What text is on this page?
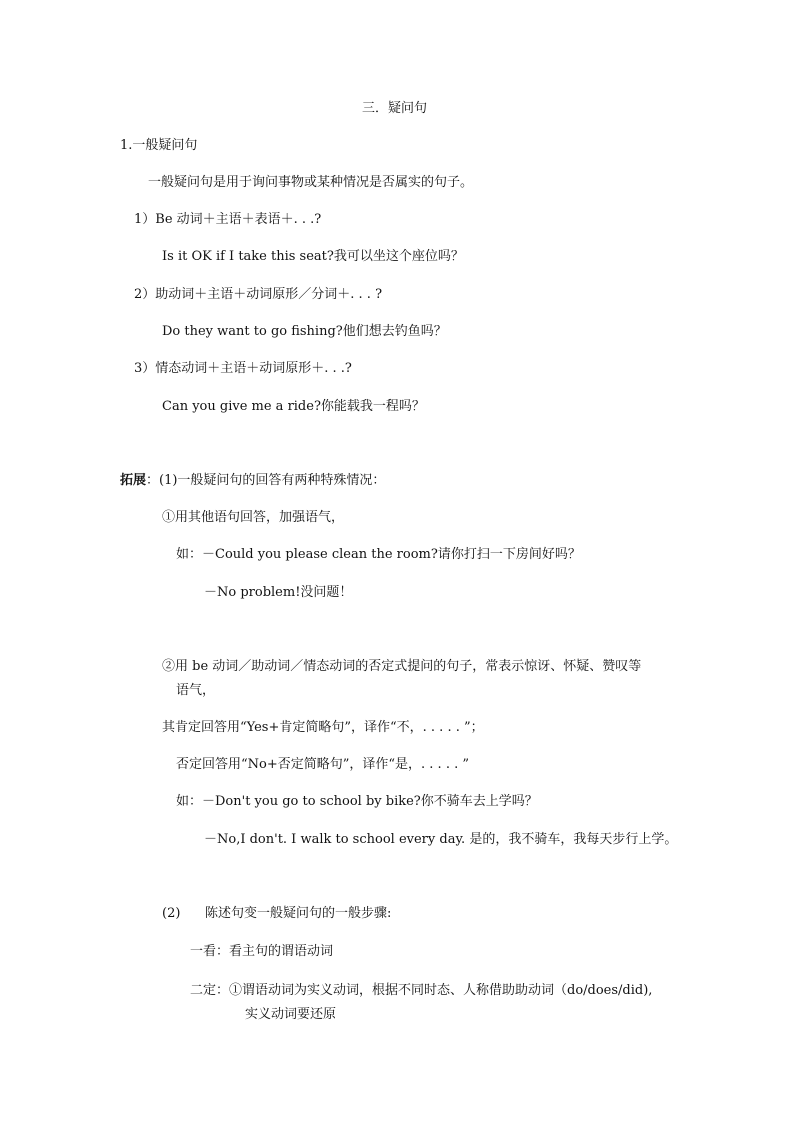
三．疑问句
1.一般疑问句
一般疑问句是用于询问事物或某种情况是否属实的句子。
1）Be 动词＋主语＋表语＋. . .?
Is it OK if I take this seat?我可以坐这个座位吗？
2）助动词＋主语＋动词原形／分词＋. . . ?
Do they want to go fishing?他们想去钓鱼吗？
3）情态动词＋主语＋动词原形＋. . .?
Can you give me a ride?你能载我一程吗？
拓展：(1)一般疑问句的回答有两种特殊情况：
①用其他语句回答，加强语气，
如：－Could you please clean the room?请你打扫一下房间好吗？
－No problem!没问题！
②用 be 动词／助动词／情态动词的否定式提问的句子，常表示惊讶、怀疑、赞叹等
语气，
其肯定回答用“Yes+肯定简略句”，译作“不，. . . . . ”；
否定回答用“No+否定简略句”，译作“是，. . . . . ”
如：－Don't you go to school by bike?你不骑车去上学吗？
－No,I don't. I walk to school every day. 是的，我不骑车，我每天步行上学。
(2) 陈述句变一般疑问句的一般步骤:
一看：看主句的谓语动词
二定：①谓语动词为实义动词，根据不同时态、人称借助助动词（do/does/did),
实义动词要还原
